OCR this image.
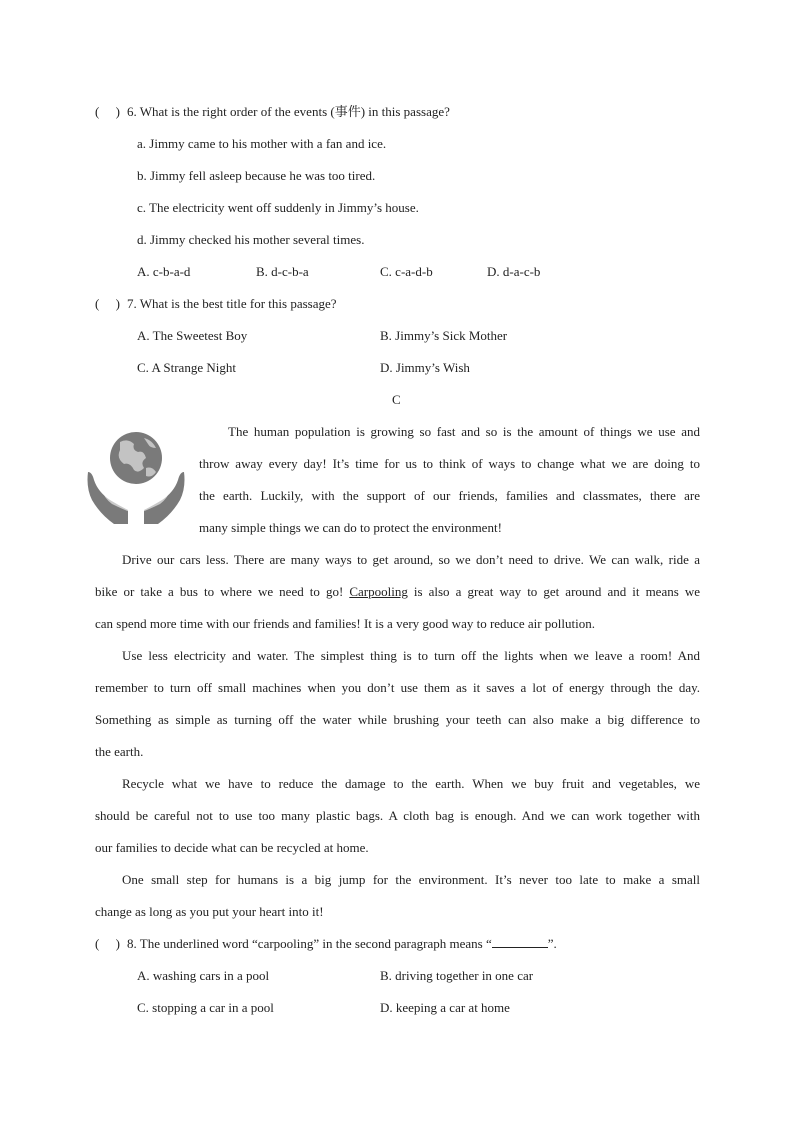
( ) 6. What is the right order of the events (事件) in this passage?
a. Jimmy came to his mother with a fan and ice.
b. Jimmy fell asleep because he was too tired.
c. The electricity went off suddenly in Jimmy’s house.
d. Jimmy checked his mother several times.
A. c-b-a-d	B. d-c-b-a	C. c-a-d-b	D. d-a-c-b
( ) 7. What is the best title for this passage?
A. The Sweetest Boy	B. Jimmy’s Sick Mother
C. A Strange Night	D. Jimmy’s Wish
C
The human population is growing so fast and so is the amount of things we use and
throw away every day! It’s time for us to think of ways to change what we are doing to
the earth. Luckily, with the support of our friends, families and classmates, there are
many simple things we can do to protect the environment!
Drive our cars less. There are many ways to get around, so we don’t need to drive. We can walk, ride a
bike or take a bus to where we need to go! Carpooling is also a great way to get around and it means we
can spend more time with our friends and families! It is a very good way to reduce air pollution.
Use less electricity and water. The simplest thing is to turn off the lights when we leave a room! And
remember to turn off small machines when you don’t use them as it saves a lot of energy through the day.
Something as simple as turning off the water while brushing your teeth can also make a big difference to
the earth.
Recycle what we have to reduce the damage to the earth. When we buy fruit and vegetables, we
should be careful not to use too many plastic bags. A cloth bag is enough. And we can work together with
our families to decide what can be recycled at home.
One small step for humans is a big jump for the environment. It’s never too late to make a small
change as long as you put your heart into it!
( ) 8. The underlined word “carpooling” in the second paragraph means “	”.
A. washing cars in a pool	B. driving together in one car
C. stopping a car in a pool	D. keeping a car at home
